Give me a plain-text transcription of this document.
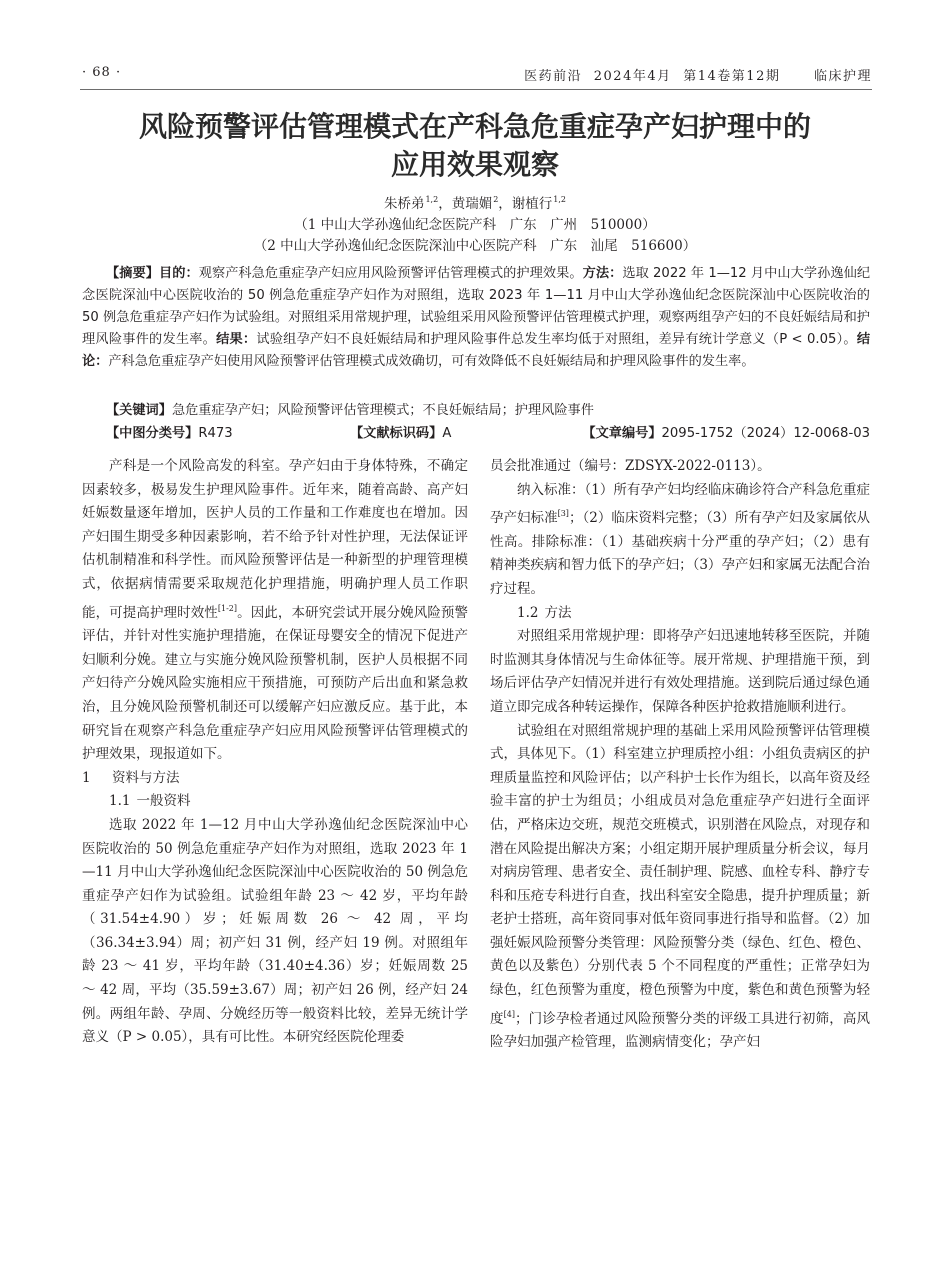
· 68 ·	医药前沿 2024年4月 第14卷第12期	临床护理
风险预警评估管理模式在产科急危重症孕产妇护理中的
应用效果观察
朱桥弟$^{1,2}$，黄瑞媚$^2$，谢植行$^{1,2}$
（1 中山大学孙逸仙纪念医院产科　广东　广州　510000）
（2 中山大学孙逸仙纪念医院深汕中心医院产科　广东　汕尾　516600）
【摘要】目的：观察产科急危重症孕产妇应用风险预警评估管理模式的护理效果。方法：选取 2022 年 1—12 月中山大学孙逸仙纪念医院深汕中心医院收治的 50 例急危重症孕产妇作为对照组，选取 2023 年 1—11 月中山大学孙逸仙纪念医院深汕中心医院收治的 50 例急危重症孕产妇作为试验组。对照组采用常规护理，试验组采用风险预警评估管理模式护理，观察两组孕产妇的不良妊娠结局和护理风险事件的发生率。结果：试验组孕产妇不良妊娠结局和护理风险事件总发生率均低于对照组，差异有统计学意义（P < 0.05）。结论：产科急危重症孕产妇使用风险预警评估管理模式成效确切，可有效降低不良妊娠结局和护理风险事件的发生率。
【关键词】急危重症孕产妇；风险预警评估管理模式；不良妊娠结局；护理风险事件
【中图分类号】R473	【文献标识码】A	【文章编号】2095-1752（2024）12-0068-03

产科是一个风险高发的科室。孕产妇由于身体特殊，不确定因素较多，极易发生护理风险事件。近年来，随着高龄、高产妇妊娠数量逐年增加，医护人员的工作量和工作难度也在增加。因产妇围生期受多种因素影响，若不给予针对性护理，无法保证评估机制精准和科学性。而风险预警评估是一种新型的护理管理模式，依据病情需要采取规范化护理措施，明确护理人员工作职能，可提高护理时效性[1-2]。因此，本研究尝试开展分娩风险预警评估，并针对性实施护理措施，在保证母婴安全的情况下促进产妇顺利分娩。建立与实施分娩风险预警机制，医护人员根据不同产妇待产分娩风险实施相应干预措施，可预防产后出血和紧急救治，且分娩风险预警机制还可以缓解产妇应激反应。基于此，本研究旨在观察产科急危重症孕产妇应用风险预警评估管理模式的护理效果，现报道如下。

1 资料与方法

1.1 一般资料

选取 2022 年 1—12 月中山大学孙逸仙纪念医院深汕中心医院收治的 50 例急危重症孕产妇作为对照组，选取 2023 年 1—11 月中山大学孙逸仙纪念医院深汕中心医院收治的 50 例急危重症孕产妇作为试验组。试验组年龄 23 ～ 42 岁，平均年龄（31.54±4.90）岁；妊娠周数 26 ～ 42 周，平均（36.34±3.94）周；初产妇 31 例，经产妇 19 例。对照组年龄 23 ～ 41 岁，平均年龄（31.40±4.36）岁；妊娠周数 25 ～ 42 周，平均（35.59±3.67）周；初产妇 26 例，经产妇 24 例。两组年龄、孕周、分娩经历等一般资料比较，差异无统计学意义（P > 0.05），具有可比性。本研究经医院伦理委

员会批准通过（编号：ZDSYX-2022-0113）。

纳入标准：（1）所有孕产妇均经临床确诊符合产科急危重症孕产妇标准[3]；（2）临床资料完整；（3）所有孕产妇及家属依从性高。排除标准：（1）基础疾病十分严重的孕产妇；（2）患有精神类疾病和智力低下的孕产妇；（3）孕产妇和家属无法配合治疗过程。

1.2 方法

对照组采用常规护理：即将孕产妇迅速地转移至医院，并随时监测其身体情况与生命体征等。展开常规、护理措施干预，到场后评估孕产妇情况并进行有效处理措施。送到院后通过绿色通道立即完成各种转运操作，保障各种医护抢救措施顺利进行。

试验组在对照组常规护理的基础上采用风险预警评估管理模式，具体见下。（1）科室建立护理质控小组：小组负责病区的护理质量监控和风险评估；以产科护士长作为组长，以高年资及经验丰富的护士为组员；小组成员对急危重症孕产妇进行全面评估，严格床边交班，规范交班模式，识别潜在风险点，对现存和潜在风险提出解决方案；小组定期开展护理质量分析会议，每月对病房管理、患者安全、责任制护理、院感、血栓专科、静疗专科和压疮专科进行自查，找出科室安全隐患，提升护理质量；新老护士搭班，高年资同事对低年资同事进行指导和监督。（2）加强妊娠风险预警分类管理：风险预警分类（绿色、红色、橙色、黄色以及紫色）分别代表 5 个不同程度的严重性；正常孕妇为绿色，红色预警为重度，橙色预警为中度，紫色和黄色预警为轻度[4]；门诊孕检者通过风险预警分类的评级工具进行初筛，高风险孕妇加强产检管理，监测病情变化；孕产妇
